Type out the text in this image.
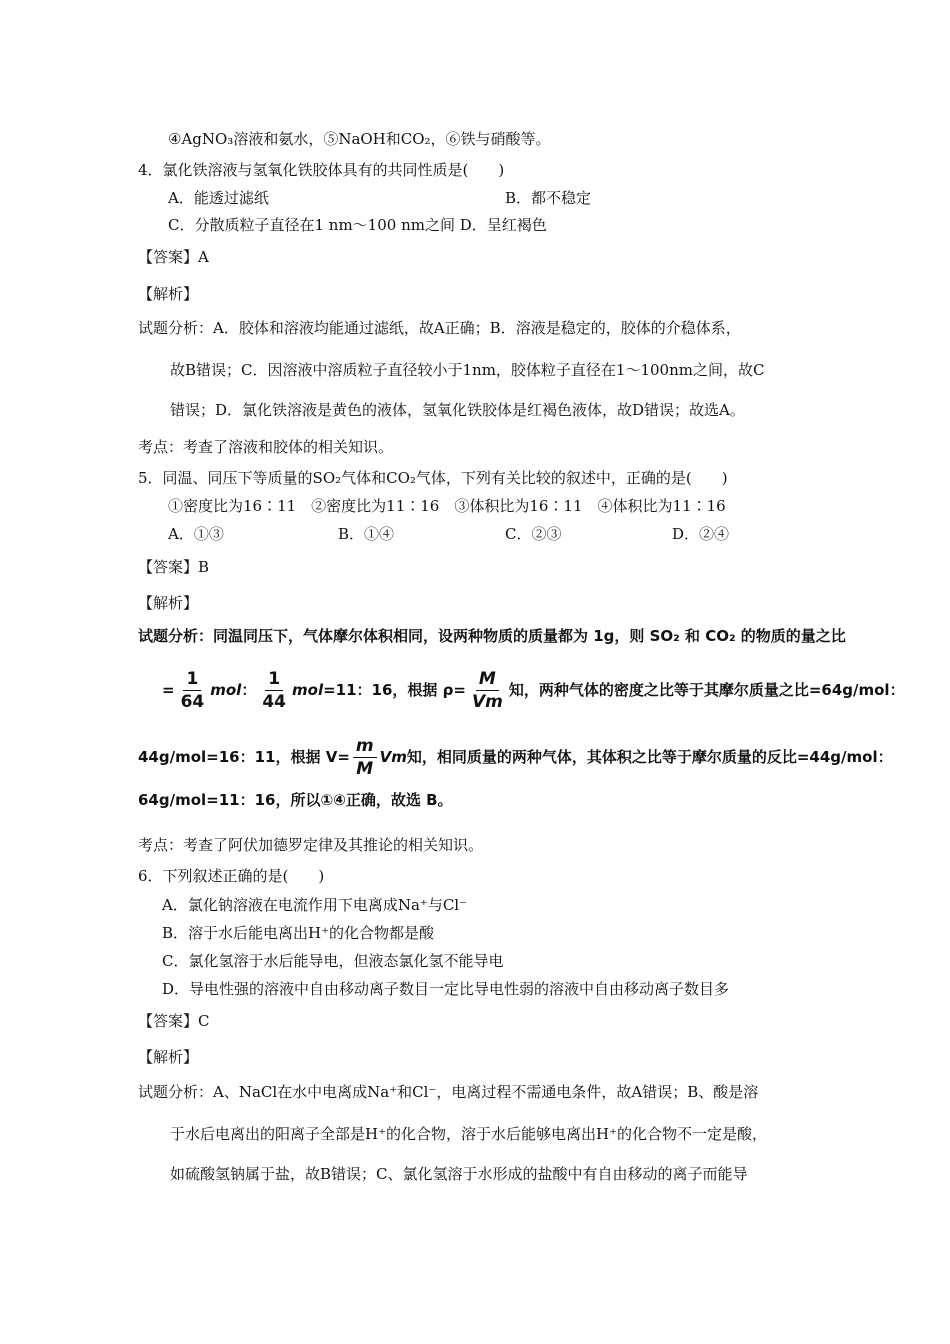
④AgNO₃溶液和氨水，⑤NaOH和CO₂，⑥铁与硝酸等。
4．氯化铁溶液与氢氧化铁胶体具有的共同性质是(　　)
A．能透过滤纸	B．都不稳定
C．分散质粒子直径在1 nm～100 nm之间 D．呈红褐色
【答案】A
【解析】
试题分析：A．胶体和溶液均能通过滤纸，故A正确；B．溶液是稳定的，胶体的介稳体系，
故B错误；C．因溶液中溶质粒子直径较小于1nm，胶体粒子直径在1～100nm之间，故C
错误；D．氯化铁溶液是黄色的液体，氢氧化铁胶体是红褐色液体，故D错误；故选A。
考点：考查了溶液和胶体的相关知识。
5．同温、同压下等质量的SO₂气体和CO₂气体，下列有关比较的叙述中，正确的是(　　)
①密度比为16∶11　②密度比为11∶16　③体积比为16∶11　④体积比为11∶16
A．①③	B．①④	C．②③	D．②④
【答案】B
【解析】
试题分析：同温同压下，气体摩尔体积相同，设两种物质的质量都为 1g，则 SO₂ 和 CO₂ 的物质的量之比
= $\frac{1}{64}$ mol： $\frac{1}{44} mol=11$：16，根据 $\rho= \frac{M}{Vm}$ 知，两种气体的密度之比等于其摩尔质量之比=64g/mol：
44g/mol=16：11，根据 $V= \frac{m}{M}$ Vm知，相同质量的两种气体，其体积之比等于摩尔质量的反比=44g/mol：
64g/mol=11：16，所以①④正确，故选 B。
考点：考查了阿伏加德罗定律及其推论的相关知识。
6．下列叙述正确的是(　　)
A．氯化钠溶液在电流作用下电离成Na⁺与Cl⁻
B．溶于水后能电离出H⁺的化合物都是酸
C．氯化氢溶于水后能导电，但液态氯化氢不能导电
D．导电性强的溶液中自由移动离子数目一定比导电性弱的溶液中自由移动离子数目多
【答案】C
【解析】
试题分析：A、NaCl在水中电离成Na⁺和Cl⁻，电离过程不需通电条件，故A错误；B、酸是溶
于水后电离出的阳离子全部是H⁺的化合物，溶于水后能够电离出H⁺的化合物不一定是酸，
如硫酸氢钠属于盐，故B错误；C、氯化氢溶于水形成的盐酸中有自由移动的离子而能导
